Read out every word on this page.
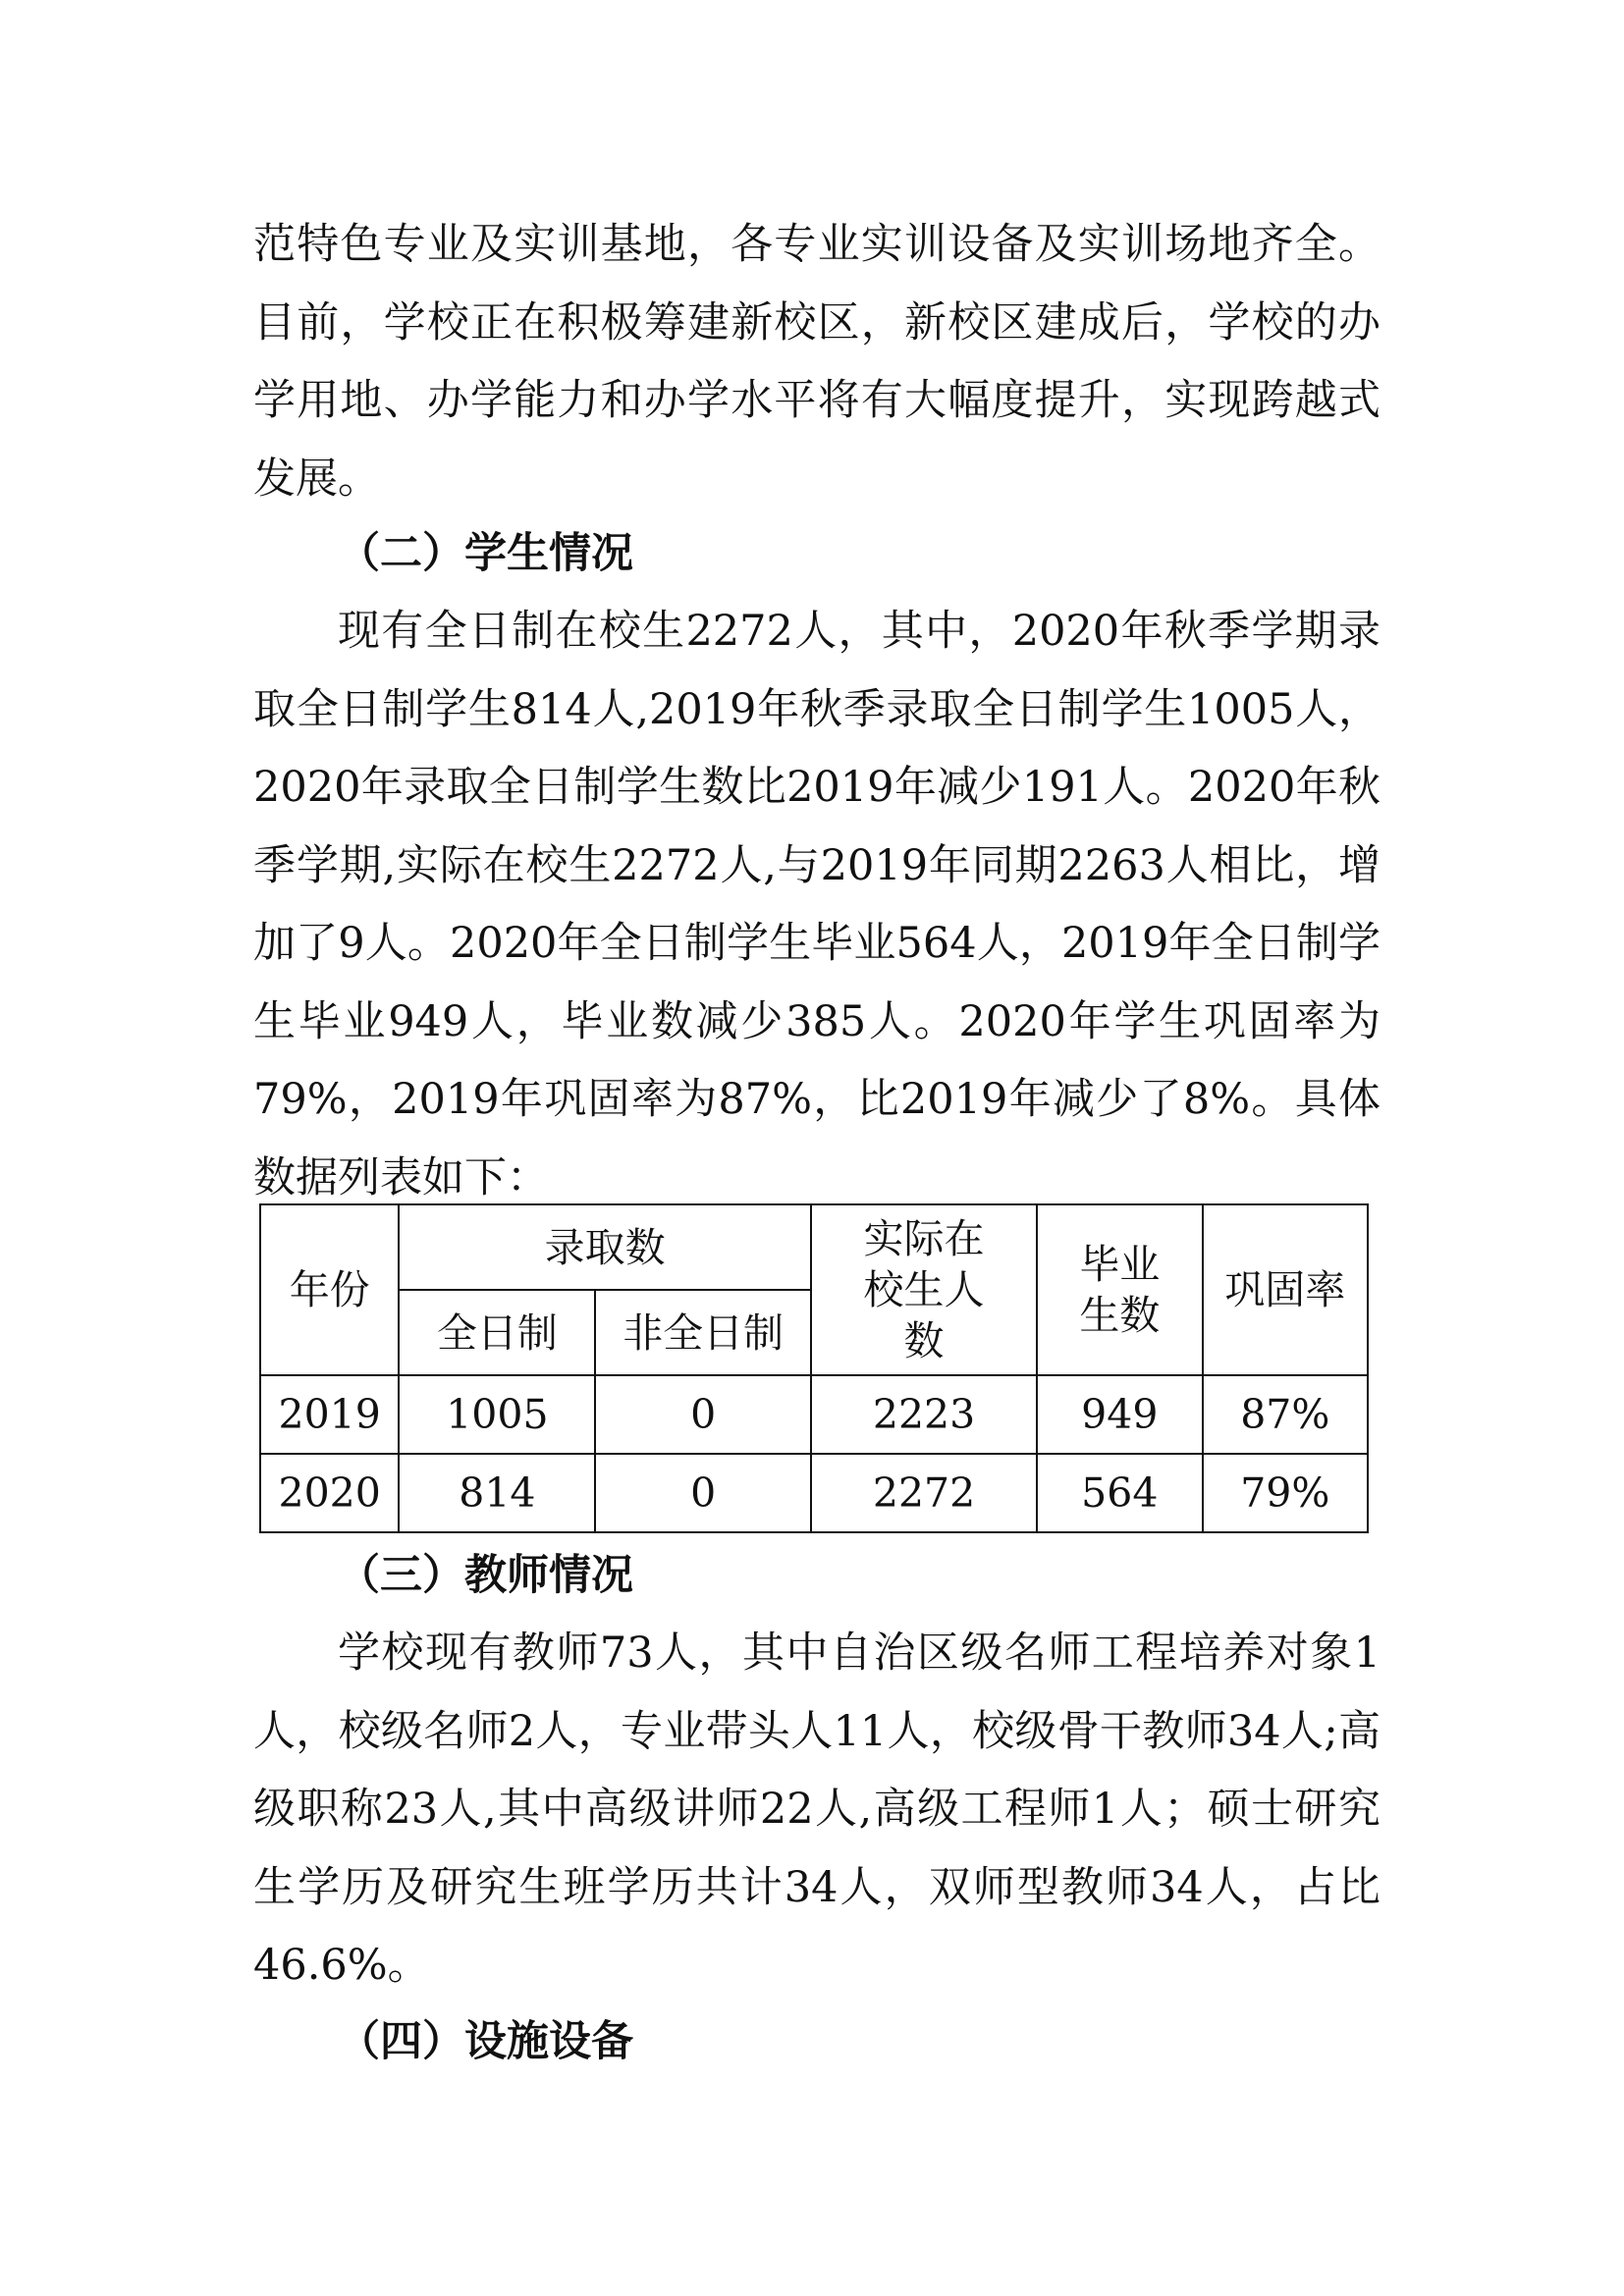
范特色专业及实训基地，各专业实训设备及实训场地齐全。目前，学校正在积极筹建新校区，新校区建成后，学校的办学用地、办学能力和办学水平将有大幅度提升，实现跨越式发展。

（二）学生情况

现有全日制在校生2272人，其中，2020年秋季学期录取全日制学生814人,2019年秋季录取全日制学生1005人，2020年录取全日制学生数比2019年减少191人。2020年秋季学期,实际在校生2272人,与2019年同期2263人相比，增加了9人。2020年全日制学生毕业564人，2019年全日制学生毕业949人，毕业数减少385人。2020年学生巩固率为79%，2019年巩固率为87%，比2019年减少了8%。具体数据列表如下：

年份	录取数		实际在校生人数	毕业生数	巩固率
	全日制	非全日制			
2019	1005	0	2223	949	87%
2020	814	0	2272	564	79%

（三）教师情况

学校现有教师73人，其中自治区级名师工程培养对象1人，校级名师2人，专业带头人11人，校级骨干教师34人;高级职称23人,其中高级讲师22人,高级工程师1人；硕士研究生学历及研究生班学历共计34人，双师型教师34人，占比46.6%。

（四）设施设备
